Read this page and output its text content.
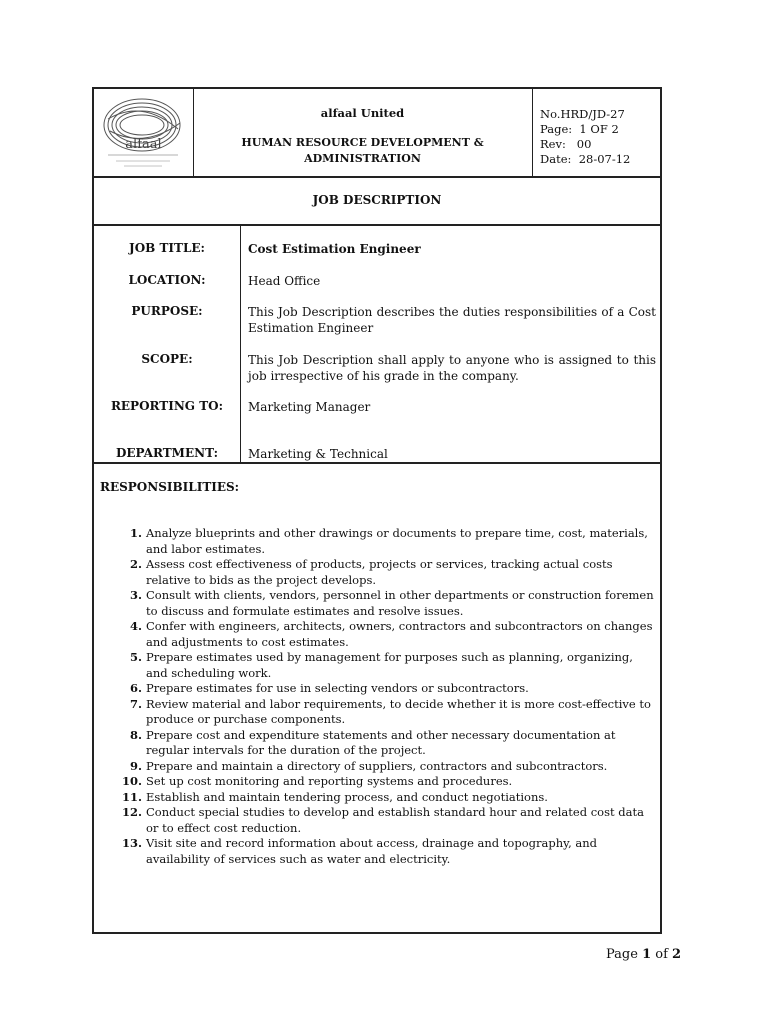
alfaal
alfaal United
HUMAN RESOURCE DEVELOPMENT &
ADMINISTRATION
No.HRD/JD-27
Page:  1 OF 2
Rev:   00
Date:  28-07-12
JOB DESCRIPTION
JOB TITLE:	Cost Estimation Engineer
LOCATION:	Head Office
PURPOSE:	This Job Description describes the duties responsibilities of a Cost Estimation Engineer
SCOPE:	This Job Description shall apply to anyone who is assigned to this job irrespective of his grade in the company.
REPORTING TO:	Marketing Manager
DEPARTMENT:	Marketing & Technical
RESPONSIBILITIES:
1. Analyze blueprints and other drawings or documents to prepare time, cost, materials, and labor estimates.
2. Assess cost effectiveness of products, projects or services, tracking actual costs relative to bids as the project develops.
3. Consult with clients, vendors, personnel in other departments or construction foremen to discuss and formulate estimates and resolve issues.
4. Confer with engineers, architects, owners, contractors and subcontractors on changes and adjustments to cost estimates.
5. Prepare estimates used by management for purposes such as planning, organizing, and scheduling work.
6. Prepare estimates for use in selecting vendors or subcontractors.
7. Review material and labor requirements, to decide whether it is more cost-effective to produce or purchase components.
8. Prepare cost and expenditure statements and other necessary documentation at regular intervals for the duration of the project.
9. Prepare and maintain a directory of suppliers, contractors and subcontractors.
10. Set up cost monitoring and reporting systems and procedures.
11. Establish and maintain tendering process, and conduct negotiations.
12. Conduct special studies to develop and establish standard hour and related cost data or to effect cost reduction.
13. Visit site and record information about access, drainage and topography, and availability of services such as water and electricity.
Page 1 of 2
